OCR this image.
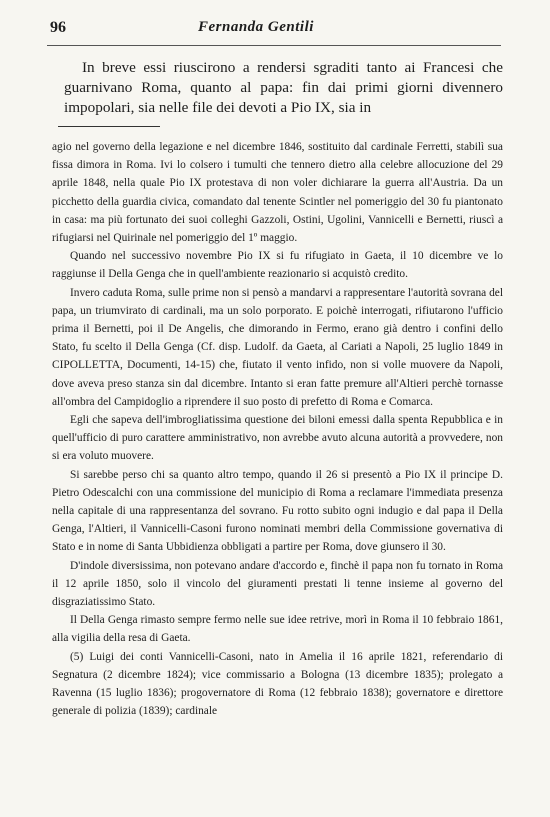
96	Fernanda Gentili
In breve essi riuscirono a rendersi sgraditi tanto ai Francesi che guarnivano Roma, quanto al papa: fin dai primi giorni divennero impopolari, sia nelle file dei devoti a Pio IX, sia in

agio nel governo della legazione e nel dicembre 1846, sostituito dal cardinale Ferretti, stabilì sua fissa dimora in Roma. Ivi lo colsero i tumulti che tennero dietro alla celebre allocuzione del 29 aprile 1848, nella quale Pio IX protestava di non voler dichiarare la guerra all'Austria. Da un picchetto della guardia civica, comandato dal tenente Scintler nel pomeriggio del 30 fu piantonato in casa: ma più fortunato dei suoi colleghi Gazzoli, Ostini, Ugolini, Vannicelli e Bernetti, riuscì a rifugiarsi nel Quirinale nel pomeriggio del 1º maggio.

Quando nel successivo novembre Pio IX si fu rifugiato in Gaeta, il 10 dicembre ve lo raggiunse il Della Genga che in quell'ambiente reazionario si acquistò credito.

Invero caduta Roma, sulle prime non si pensò a mandarvi a rappresentare l'autorità sovrana del papa, un triumvirato di cardinali, ma un solo porporato. E poichè interrogati, rifiutarono l'ufficio prima il Bernetti, poi il De Angelis, che dimorando in Fermo, erano già dentro i confini dello Stato, fu scelto il Della Genga (Cf. disp. Ludolf. da Gaeta, al Cariati a Napoli, 25 luglio 1849 in CIPOLLETTA, Documenti, 14-15) che, fiutato il vento infido, non si volle muovere da Napoli, dove aveva preso stanza sin dal dicembre. Intanto si eran fatte premure all'Altieri perchè tornasse all'ombra del Campidoglio a riprendere il suo posto di prefetto di Roma e Comarca.

Egli che sapeva dell'imbrogliatissima questione dei biloni emessi dalla spenta Repubblica e in quell'ufficio di puro carattere amministrativo, non avrebbe avuto alcuna autorità a provvedere, non si era voluto muovere.

Si sarebbe perso chi sa quanto altro tempo, quando il 26 si presentò a Pio IX il principe D. Pietro Odescalchi con una commissione del municipio di Roma a reclamare l'immediata presenza nella capitale di una rappresentanza del sovrano. Fu rotto subito ogni indugio e dal papa il Della Genga, l'Altieri, il Vannicelli-Casoni furono nominati membri della Commissione governativa di Stato e in nome di Santa Ubbidienza obbligati a partire per Roma, dove giunsero il 30.

D'indole diversissima, non potevano andare d'accordo e, finchè il papa non fu tornato in Roma il 12 aprile 1850, solo il vincolo del giuramenti prestati li tenne insieme al governo del disgraziatissimo Stato.

Il Della Genga rimasto sempre fermo nelle sue idee retrive, morì in Roma il 10 febbraio 1861, alla vigilia della resa di Gaeta.

(5) Luigi dei conti Vannicelli-Casoni, nato in Amelia il 16 aprile 1821, referendario di Segnatura (2 dicembre 1824); vice commissario a Bologna (13 dicembre 1835); prolegato a Ravenna (15 luglio 1836); progovernatore di Roma (12 febbraio 1838); governatore e direttore generale di polizia (1839); cardinale
